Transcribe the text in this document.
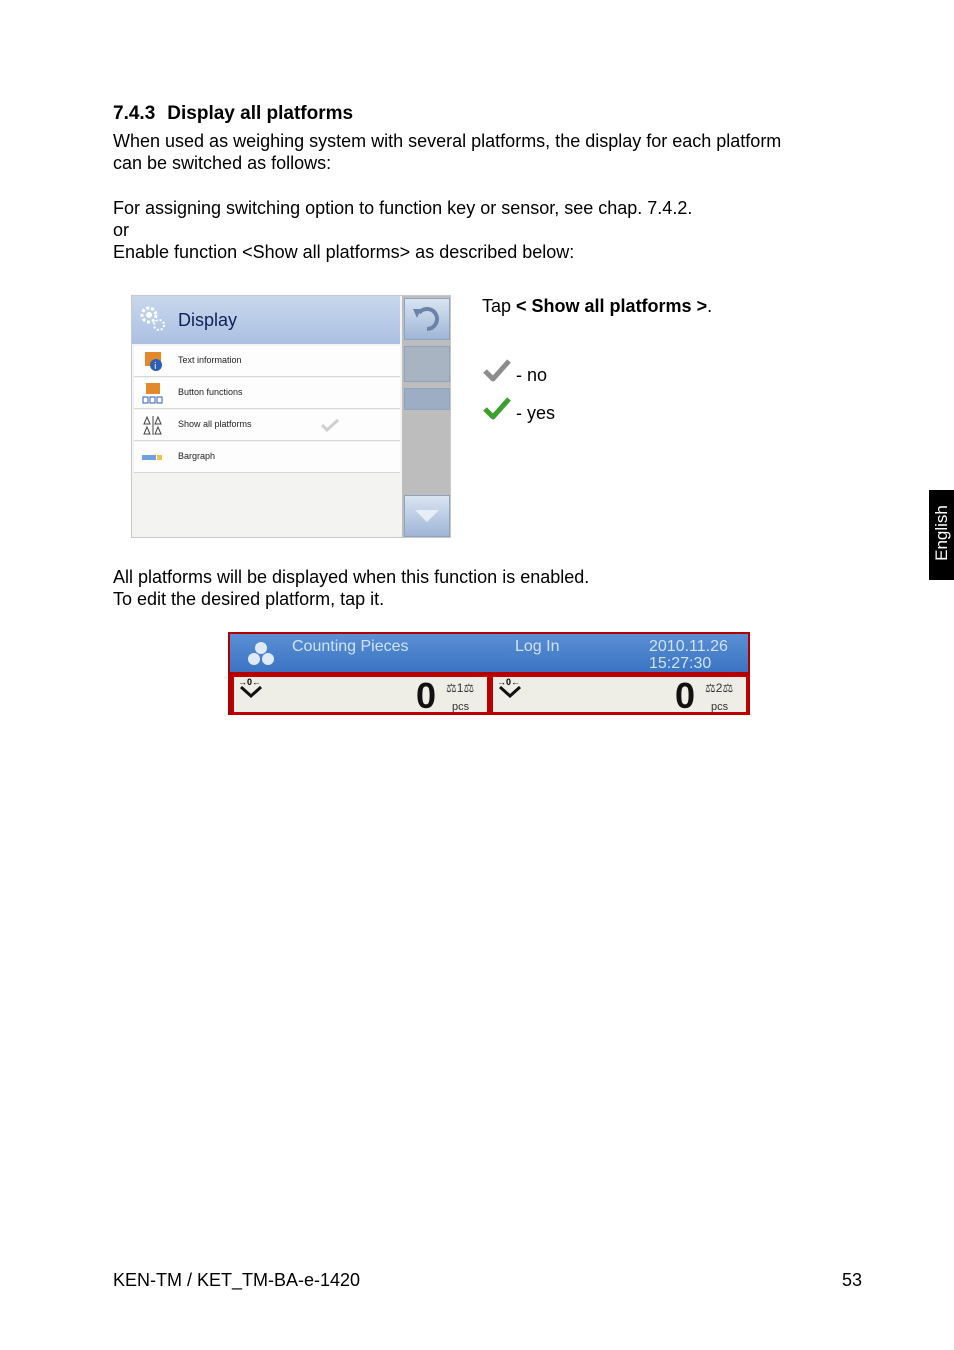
7.4.3 Display all platforms
When used as weighing system with several platforms, the display for each platform
can be switched as follows:
For assigning switching option to function key or sensor, see chap. 7.4.2.
or
Enable function <Show all platforms> as described below:
Display
i
Text information
Button functions
Show all platforms
Bargraph
Tap < Show all platforms >.
- no
- yes
All platforms will be displayed when this function is enabled.
To edit the desired platform, tap it.
Counting Pieces	Log In	2010.11.26
15:27:30
→0←	0 ⚖1⚖
pcs
→0←	0 ⚖2⚖
pcs
English
KEN-TM / KET_TM-BA-e-1420	53
